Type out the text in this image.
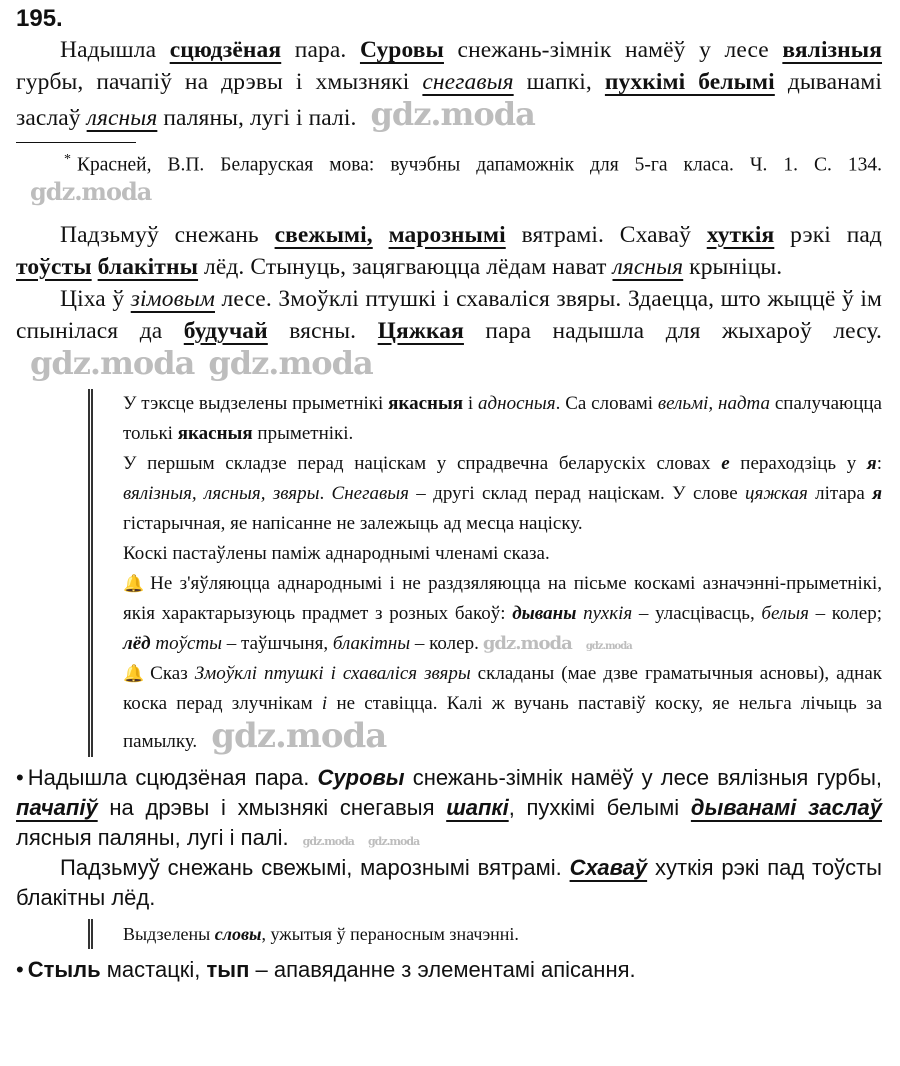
195.

Надышла сцюдзёная пара. Суровы снежань-зімнік намёў у лесе вялізныя гурбы, пачапіў на дрэвы і хмызнякі снегавыя шапкі, пухкімі белымі дыванамі заслаў лясныя паляны, лугі і палі. gdz.moda

* Красней, В.П. Беларуская мова: вучэбны дапаможнік для 5-га класа. Ч. 1. С. 134.gdz.moda

Падзьмуў снежань свежымі, марознымі вятрамі. Схаваў хуткія рэкі пад тоўсты блакітны лёд. Стынуць, зацягваюцца лёдам нават лясныя крыніцы.

Ціха ў зімовым лесе. Змоўклі птушкі і схаваліся звяры. Здаецца, што жыццё ў ім спынілася да будучай вясны. Цяжкая пара надышла для жыхароў лесу.gdz.moda gdz.moda

У тэксце выдзелены прыметнікі якасныя і адносныя. Са словамі вельмі, надта спалучаюцца толькі якасныя прыметнікі.

У першым складзе перад націскам у спрадвечна беларускіх словах е пераходзіць у я: вялізныя, лясныя, звяры. Снегавыя – другі склад перад націскам. У слове цяжкая літара я гістарычная, яе напісанне не залежыць ад месца націску.

Коскі пастаўлены паміж аднароднымі членамі сказа.

🔔 Не з'яўляюцца аднароднымі і не раздзяляюцца на пісьме коскамі азначэнні-прыметнікі, якія характарызуюць прадмет з розных бакоў: дываны пухкія – уласцівасць, белыя – колер; лёд тоўсты – таўшчыня, блакітны – колер. gdz.moda gdz.moda

🔔 Сказ Змоўклі птушкі і схаваліся звяры складаны (мае дзве граматычныя асновы), аднак коска перад злучнікам і не ставіцца. Калі ж вучань паставіў коску, яе нельга лічыць за памылку. gdz.moda

• Надышла сцюдзёная пара. Суровы снежань-зімнік намёў у лесе вялізныя гурбы, пачапіў на дрэвы і хмызнякі снегавыя шапкі, пухкімі белымі дыванамі заслаў лясныя паляны, лугі і палі. gdz.moda gdz.moda

Падзьмуў снежань свежымі, марознымі вятрамі. Схаваў хуткія рэкі пад тоўсты блакітны лёд.

Выдзелены словы, ужытыя ў пераносным значэнні.

• Стыль мастацкі, тып – апавяданне з элементамі апісання.
